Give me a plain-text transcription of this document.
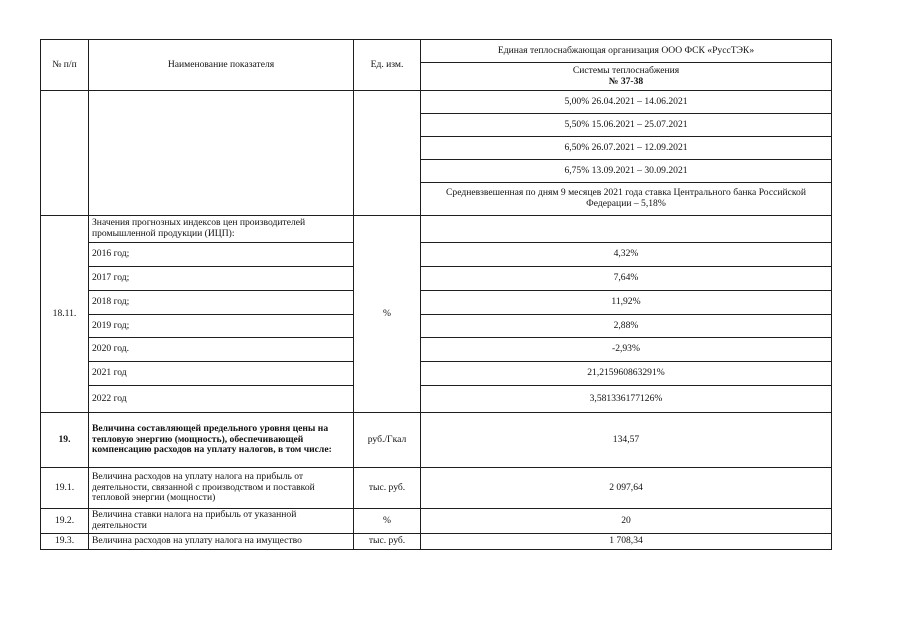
№ п/п	Наименование показателя	Ед. изм.	Единая теплоснабжающая организация ООО ФСК «РусcТЭК»

			Системы теплоснабжения
№ 37-38

			5,00% 26.04.2021 – 14.06.2021
			5,50% 15.06.2021 – 25.07.2021
			6,50% 26.07.2021 – 12.09.2021
			6,75% 13.09.2021 – 30.09.2021
			Средневзвешенная по дням 9 месяцев 2021 года ставка Центрального банка Российской Федерации – 5,18%
18.11.	Значения прогнозных индексов цен производителей промышленной продукции (ИЦП):	%	
	2016 год;		4,32%
	2017 год;		7,64%
	2018 год;		11,92%
	2019 год;		2,88%
	2020 год.		-2,93%
	2021 год		21,215960863291%
	2022 год		3,581336177126%
19.	Величина составляющей предельного уровня цены на тепловую энергию (мощность), обеспечивающей компенсацию расходов на уплату налогов, в том числе:	руб./Гкал	134,57
19.1.	Величина расходов на уплату налога на прибыль от деятельности, связанной с производством и поставкой тепловой энергии (мощности)	тыс. руб.	2 097,64
19.2.	Величина ставки налога на прибыль от указанной деятельности	%	20
19.3.	Величина расходов на уплату налога на имущество	тыс. руб.	1 708,34
